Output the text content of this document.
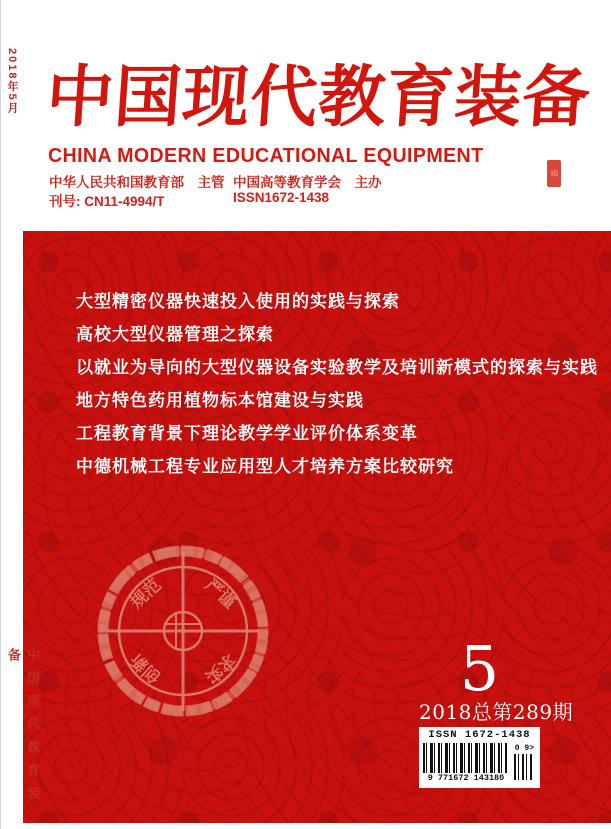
2018年5月 中国现代教育装备
CHINA MODERN EDUCATIONAL EQUIPMENT
中华人民共和国教育部　主管 中国高等教育学会　主办
刊号: CN11-4994/T	ISSN1672-1438
印
大型精密仪器快速投入使用的实践与探索
高校大型仪器管理之探索
以就业为导向的大型仪器设备实验教学及培训新模式的探索与实践
地方特色药用植物标本馆建设与实践
工程教育背景下理论教学学业评价体系变革
中德机械工程专业应用型人才培养方案比较研究
规范 严谨
求实
创新	5
2018总第289期
ISSN 1672-1438
9 771672 143180
0 9>
中国现代教育装备
